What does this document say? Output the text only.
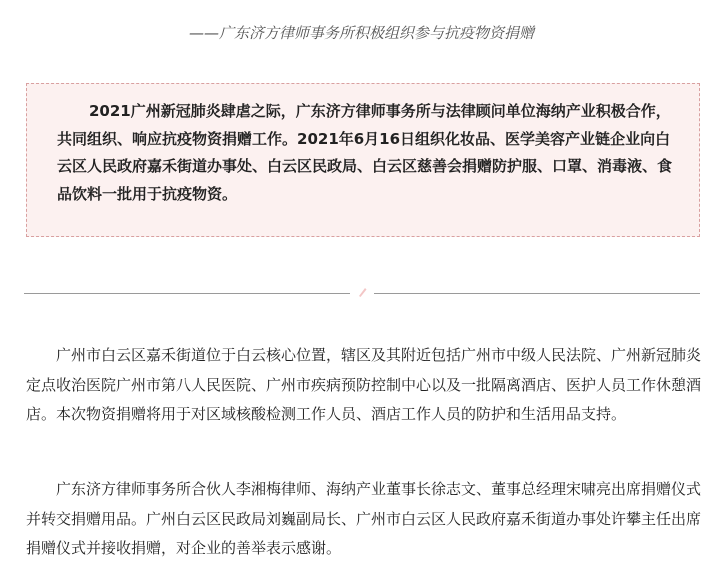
——广东济方律师事务所积极组织参与抗疫物资捐赠

2021广州新冠肺炎肆虐之际，广东济方律师事务所与法律顾问单位海纳产业积极合作，共同组织、响应抗疫物资捐赠工作。2021年6月16日组织化妆品、医学美容产业链企业向白云区人民政府嘉禾街道办事处、白云区民政局、白云区慈善会捐赠防护服、口罩、消毒液、食品饮料一批用于抗疫物资。

广州市白云区嘉禾街道位于白云核心位置，辖区及其附近包括广州市中级人民法院、广州新冠肺炎定点收治医院广州市第八人民医院、广州市疾病预防控制中心以及一批隔离酒店、医护人员工作休憩酒店。本次物资捐赠将用于对区域核酸检测工作人员、酒店工作人员的防护和生活用品支持。

广东济方律师事务所合伙人李湘梅律师、海纳产业董事长徐志文、董事总经理宋啸亮出席捐赠仪式并转交捐赠用品。广州白云区民政局刘巍副局长、广州市白云区人民政府嘉禾街道办事处许攀主任出席捐赠仪式并接收捐赠，对企业的善举表示感谢。
